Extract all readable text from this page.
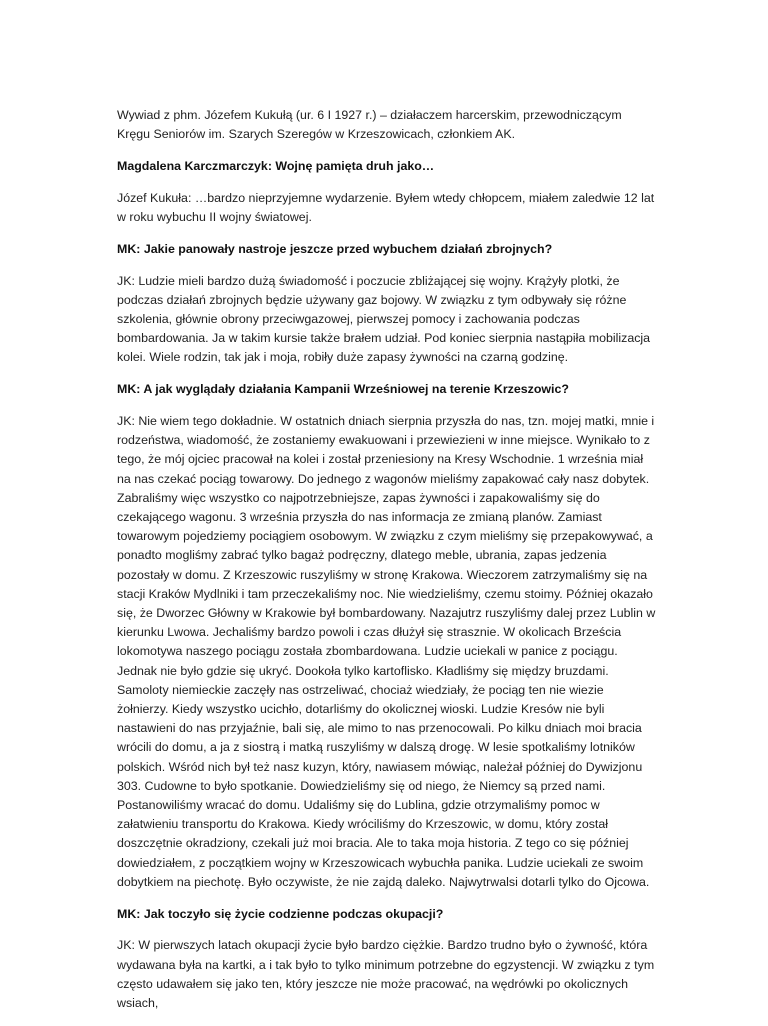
Wywiad z phm. Józefem Kukułą (ur. 6 I 1927 r.) – działaczem harcerskim, przewodniczącym Kręgu Seniorów im. Szarych Szeregów w Krzeszowicach, członkiem AK.

Magdalena Karczmarczyk: Wojnę pamięta druh jako…

Józef Kukuła: …bardzo nieprzyjemne wydarzenie. Byłem wtedy chłopcem, miałem zaledwie 12 lat w roku wybuchu II wojny światowej.

MK: Jakie panowały nastroje jeszcze przed wybuchem działań zbrojnych?

JK: Ludzie mieli bardzo dużą świadomość i poczucie zbliżającej się wojny. Krążyły plotki, że podczas działań zbrojnych będzie używany gaz bojowy. W związku z tym odbywały się różne szkolenia, głównie obrony przeciwgazowej, pierwszej pomocy i zachowania podczas bombardowania. Ja w takim kursie także brałem udział. Pod koniec sierpnia nastąpiła mobilizacja kolei. Wiele rodzin, tak jak i moja, robiły duże zapasy żywności na czarną godzinę.

MK: A jak wyglądały działania Kampanii Wrześniowej na terenie Krzeszowic?

JK: Nie wiem tego dokładnie. W ostatnich dniach sierpnia przyszła do nas, tzn. mojej matki, mnie i rodzeństwa, wiadomość, że zostaniemy ewakuowani i przewiezieni w inne miejsce. Wynikało to z tego, że mój ojciec pracował na kolei i został przeniesiony na Kresy Wschodnie. 1 września miał na nas czekać pociąg towarowy. Do jednego z wagonów mieliśmy zapakować cały nasz dobytek. Zabraliśmy więc wszystko co najpotrzebniejsze, zapas żywności i zapakowaliśmy się do czekającego wagonu. 3 września przyszła do nas informacja ze zmianą planów. Zamiast towarowym pojedziemy pociągiem osobowym. W związku z czym mieliśmy się przepakowywać, a ponadto mogliśmy zabrać tylko bagaż podręczny, dlatego meble, ubrania, zapas jedzenia pozostały w domu. Z Krzeszowic ruszyliśmy w stronę Krakowa. Wieczorem zatrzymaliśmy się na stacji Kraków Mydlniki i tam przeczekaliśmy noc. Nie wiedzieliśmy, czemu stoimy. Później okazało się, że Dworzec Główny w Krakowie był bombardowany. Nazajutrz ruszyliśmy dalej przez Lublin w kierunku Lwowa. Jechaliśmy bardzo powoli i czas dłużył się strasznie. W okolicach Brześcia lokomotywa naszego pociągu została zbombardowana. Ludzie uciekali w panice z pociągu. Jednak nie było gdzie się ukryć. Dookoła tylko kartoflisko. Kładliśmy się między bruzdami. Samoloty niemieckie zaczęły nas ostrzeliwać, chociaż wiedziały, że pociąg ten nie wiezie żołnierzy. Kiedy wszystko ucichło, dotarliśmy do okolicznej wioski. Ludzie Kresów nie byli nastawieni do nas przyjaźnie, bali się, ale mimo to nas przenocowali. Po kilku dniach moi bracia wrócili do domu, a ja z siostrą i matką ruszyliśmy w dalszą drogę. W lesie spotkaliśmy lotników polskich. Wśród nich był też nasz kuzyn, który, nawiasem mówiąc, należał później do Dywizjonu 303. Cudowne to było spotkanie. Dowiedzieliśmy się od niego, że Niemcy są przed nami. Postanowiliśmy wracać do domu. Udaliśmy się do Lublina, gdzie otrzymaliśmy pomoc w załatwieniu transportu do Krakowa. Kiedy wróciliśmy do Krzeszowic, w domu, który został doszczętnie okradziony, czekali już moi bracia. Ale to taka moja historia. Z tego co się później dowiedziałem, z początkiem wojny w Krzeszowicach wybuchła panika. Ludzie uciekali ze swoim dobytkiem na piechotę. Było oczywiste, że nie zajdą daleko. Najwytrwalsi dotarli tylko do Ojcowa.

MK: Jak toczyło się życie codzienne podczas okupacji?

JK: W pierwszych latach okupacji życie było bardzo ciężkie. Bardzo trudno było o żywność, która wydawana była na kartki, a i tak było to tylko minimum potrzebne do egzystencji. W związku z tym często udawałem się jako ten, który jeszcze nie może pracować, na wędrówki po okolicznych wsiach,
